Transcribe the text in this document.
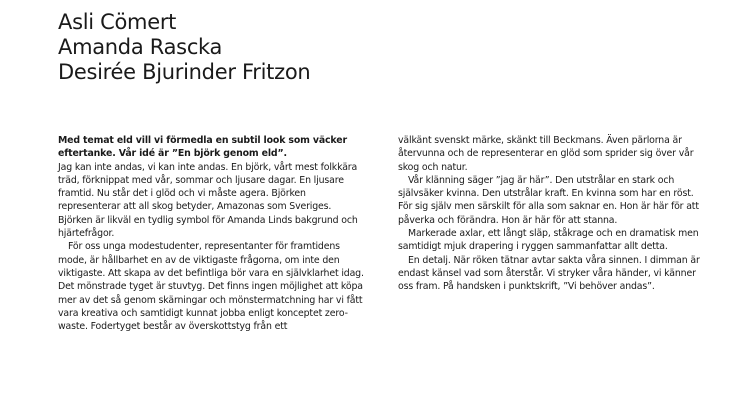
Asli Cömert
Amanda Rascka
Desirée Bjurinder Fritzon

Med temat eld vill vi förmedla en subtil look som väcker eftertanke. Vår idé är ”En björk genom eld”.

Jag kan inte andas, vi kan inte andas. En björk, vårt mest folkkära träd, förknippat med vår, sommar och ljusare dagar. En ljusare framtid. Nu står det i glöd och vi måste agera. Björken representerar att all skog betyder, Amazonas som Sveriges. Björken är likväl en tydlig symbol för Amanda Linds bakgrund och hjärtefrågor.

För oss unga modestudenter, representanter för framtidens mode, är hållbarhet en av de viktigaste frågorna, om inte den viktigaste. Att skapa av det befintliga bör vara en självklarhet idag. Det mönstrade tyget är stuvtyg. Det finns ingen möjlighet att köpa mer av det så genom skärningar och mönstermatchning har vi fått vara kreativa och samtidigt kunnat jobba enligt konceptet zero-waste. Fodertyget består av överskottstyg från ett

välkänt svenskt märke, skänkt till Beckmans. Även pärlorna är återvunna och de representerar en glöd som sprider sig över vår skog och natur.

Vår klänning säger ”jag är här”. Den utstrålar en stark och självsäker kvinna. Den utstrålar kraft. En kvinna som har en röst. För sig själv men särskilt för alla som saknar en. Hon är här för att påverka och förändra. Hon är här för att stanna.

Markerade axlar, ett långt släp, ståkrage och en dramatisk men samtidigt mjuk drapering i ryggen sammanfattar allt detta.

En detalj. När röken tätnar avtar sakta våra sinnen. I dimman är endast känsel vad som återstår. Vi stryker våra händer, vi känner oss fram. På handsken i punktskrift, ”Vi behöver andas”.
